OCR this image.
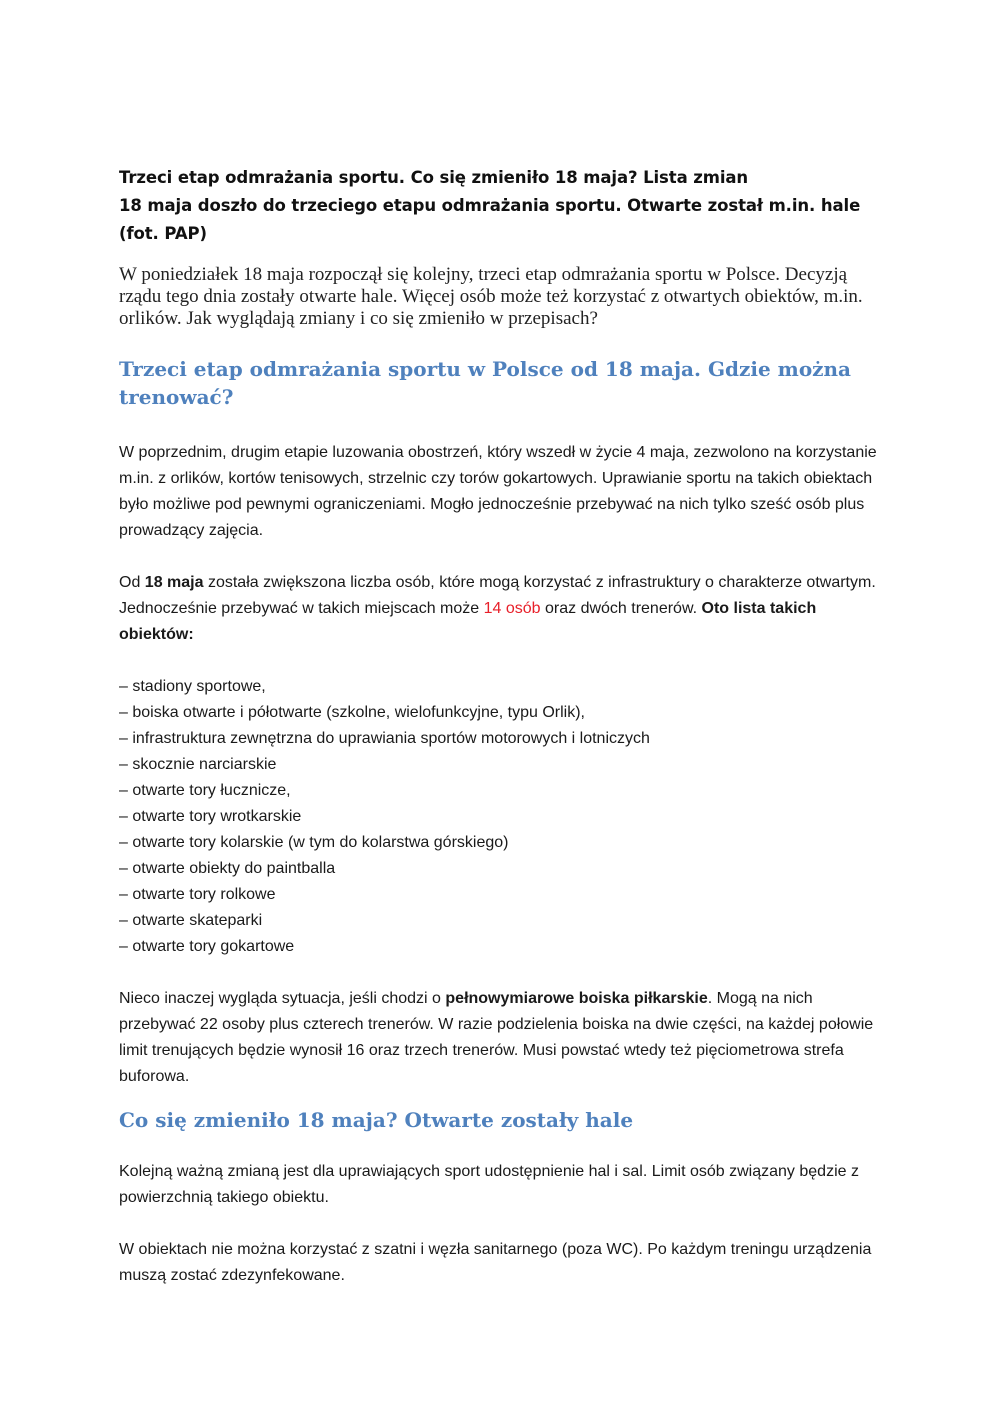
Trzeci etap odmrażania sportu. Co się zmieniło 18 maja? Lista zmian

18 maja doszło do trzeciego etapu odmrażania sportu. Otwarte został m.in. hale (fot. PAP)

W poniedziałek 18 maja rozpoczął się kolejny, trzeci etap odmrażania sportu w Polsce. Decyzją rządu tego dnia zostały otwarte hale. Więcej osób może też korzystać z otwartych obiektów, m.in. orlików. Jak wyglądają zmiany i co się zmieniło w przepisach?

Trzeci etap odmrażania sportu w Polsce od 18 maja. Gdzie można trenować?

W poprzednim, drugim etapie luzowania obostrzeń, który wszedł w życie 4 maja, zezwolono na korzystanie m.in. z orlików, kortów tenisowych, strzelnic czy torów gokartowych. Uprawianie sportu na takich obiektach było możliwe pod pewnymi ograniczeniami. Mogło jednocześnie przebywać na nich tylko sześć osób plus prowadzący zajęcia.

Od 18 maja została zwiększona liczba osób, które mogą korzystać z infrastruktury o charakterze otwartym. Jednocześnie przebywać w takich miejscach może 14 osób oraz dwóch trenerów. Oto lista takich obiektów:

– stadiony sportowe,
– boiska otwarte i półotwarte (szkolne, wielofunkcyjne, typu Orlik),
– infrastruktura zewnętrzna do uprawiania sportów motorowych i lotniczych
– skocznie narciarskie
– otwarte tory łucznicze,
– otwarte tory wrotkarskie
– otwarte tory kolarskie (w tym do kolarstwa górskiego)
– otwarte obiekty do paintballa
– otwarte tory rolkowe
– otwarte skateparki
– otwarte tory gokartowe

Nieco inaczej wygląda sytuacja, jeśli chodzi o pełnowymiarowe boiska piłkarskie. Mogą na nich przebywać 22 osoby plus czterech trenerów. W razie podzielenia boiska na dwie części, na każdej połowie limit trenujących będzie wynosił 16 oraz trzech trenerów. Musi powstać wtedy też pięciometrowa strefa buforowa.

Co się zmieniło 18 maja? Otwarte zostały hale

Kolejną ważną zmianą jest dla uprawiających sport udostępnienie hal i sal. Limit osób związany będzie z powierzchnią takiego obiektu.

W obiektach nie można korzystać z szatni i węzła sanitarnego (poza WC). Po każdym treningu urządzenia muszą zostać zdezynfekowane.
